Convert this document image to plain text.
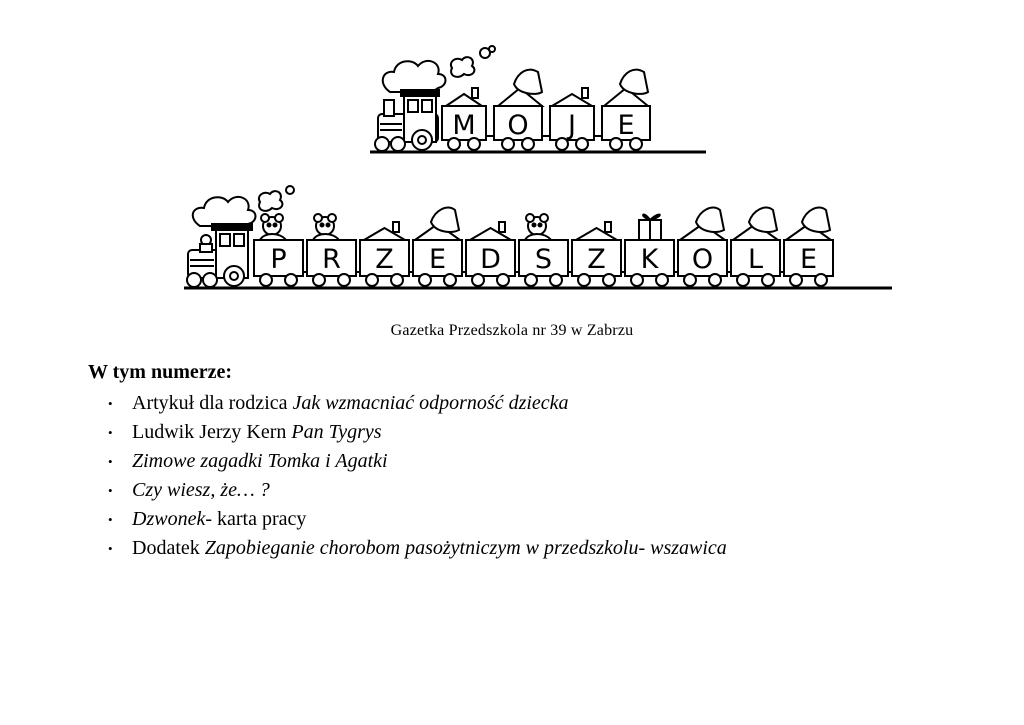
M O J E
P R Z E D S Z K O L E
Gazetka Przedszkola nr 39 w Zabrzu
W tym numerze:
• Artykuł dla rodzica Jak wzmacniać odporność dziecka
• Ludwik Jerzy Kern Pan Tygrys
• Zimowe zagadki Tomka i Agatki
• Czy wiesz, że… ?
• Dzwonek- karta pracy
• Dodatek Zapobieganie chorobom pasożytniczym w przedszkolu- wszawica
